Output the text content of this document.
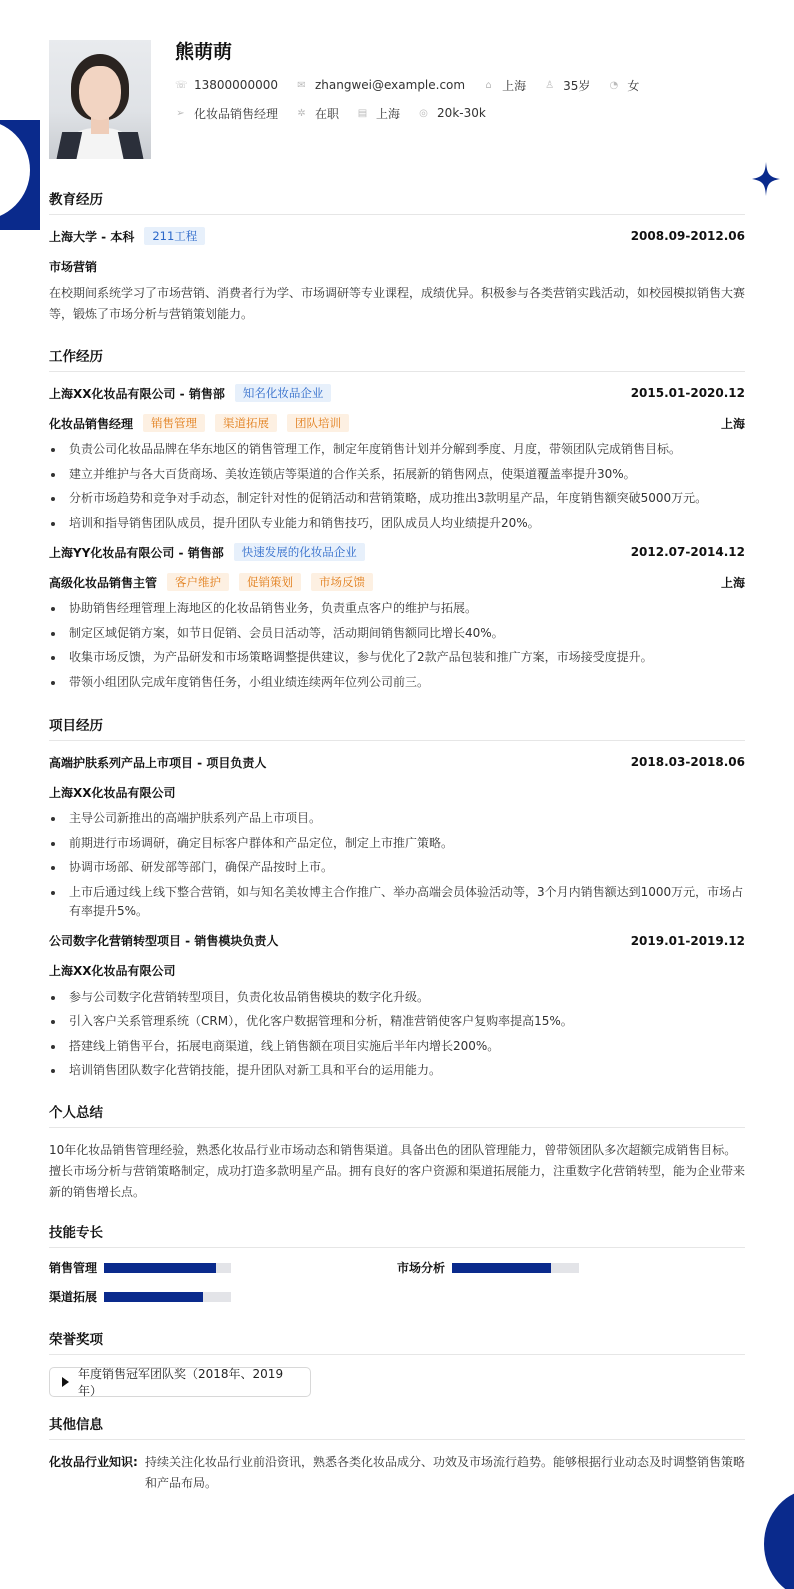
熊萌萌
☏ 13800000000 ✉ zhangwei@example.com ⌂ 上海 ♙ 35岁 ◔ 女
➢ 化妆品销售经理 ✲ 在职 ▤ 上海 ◎ 20k-30k
教育经历
上海大学 - 本科	211工程	2008.09-2012.06
市场营销
在校期间系统学习了市场营销、消费者行为学、市场调研等专业课程，成绩优异。积极参与各类营销实践活动，如校园模拟销售大赛等，锻炼了市场分析与营销策划能力。
工作经历
上海XX化妆品有限公司 - 销售部	知名化妆品企业	2015.01-2020.12
化妆品销售经理	销售管理	渠道拓展	团队培训	上海
负责公司化妆品品牌在华东地区的销售管理工作，制定年度销售计划并分解到季度、月度，带领团队完成销售目标。
建立并维护与各大百货商场、美妆连锁店等渠道的合作关系，拓展新的销售网点，使渠道覆盖率提升30%。
分析市场趋势和竞争对手动态，制定针对性的促销活动和营销策略，成功推出3款明星产品，年度销售额突破5000万元。
培训和指导销售团队成员，提升团队专业能力和销售技巧，团队成员人均业绩提升20%。
上海YY化妆品有限公司 - 销售部	快速发展的化妆品企业	2012.07-2014.12
高级化妆品销售主管	客户维护	促销策划	市场反馈	上海
协助销售经理管理上海地区的化妆品销售业务，负责重点客户的维护与拓展。
制定区域促销方案，如节日促销、会员日活动等，活动期间销售额同比增长40%。
收集市场反馈，为产品研发和市场策略调整提供建议，参与优化了2款产品包装和推广方案，市场接受度提升。
带领小组团队完成年度销售任务，小组业绩连续两年位列公司前三。
项目经历
高端护肤系列产品上市项目 - 项目负责人	2018.03-2018.06
上海XX化妆品有限公司
主导公司新推出的高端护肤系列产品上市项目。
前期进行市场调研，确定目标客户群体和产品定位，制定上市推广策略。
协调市场部、研发部等部门，确保产品按时上市。
上市后通过线上线下整合营销，如与知名美妆博主合作推广、举办高端会员体验活动等，3个月内销售额达到1000万元，市场占有率提升5%。
公司数字化营销转型项目 - 销售模块负责人	2019.01-2019.12
上海XX化妆品有限公司
参与公司数字化营销转型项目，负责化妆品销售模块的数字化升级。
引入客户关系管理系统（CRM），优化客户数据管理和分析，精准营销使客户复购率提高15%。
搭建线上销售平台，拓展电商渠道，线上销售额在项目实施后半年内增长200%。
培训销售团队数字化营销技能，提升团队对新工具和平台的运用能力。
个人总结
10年化妆品销售管理经验，熟悉化妆品行业市场动态和销售渠道。具备出色的团队管理能力，曾带领团队多次超额完成销售目标。擅长市场分析与营销策略制定，成功打造多款明星产品。拥有良好的客户资源和渠道拓展能力，注重数字化营销转型，能为企业带来新的销售增长点。
技能专长
销售管理	市场分析
渠道拓展
荣誉奖项
年度销售冠军团队奖（2018年、2019年）
其他信息
化妆品行业知识: 持续关注化妆品行业前沿资讯，熟悉各类化妆品成分、功效及市场流行趋势。能够根据行业动态及时调整销售策略和产品布局。
